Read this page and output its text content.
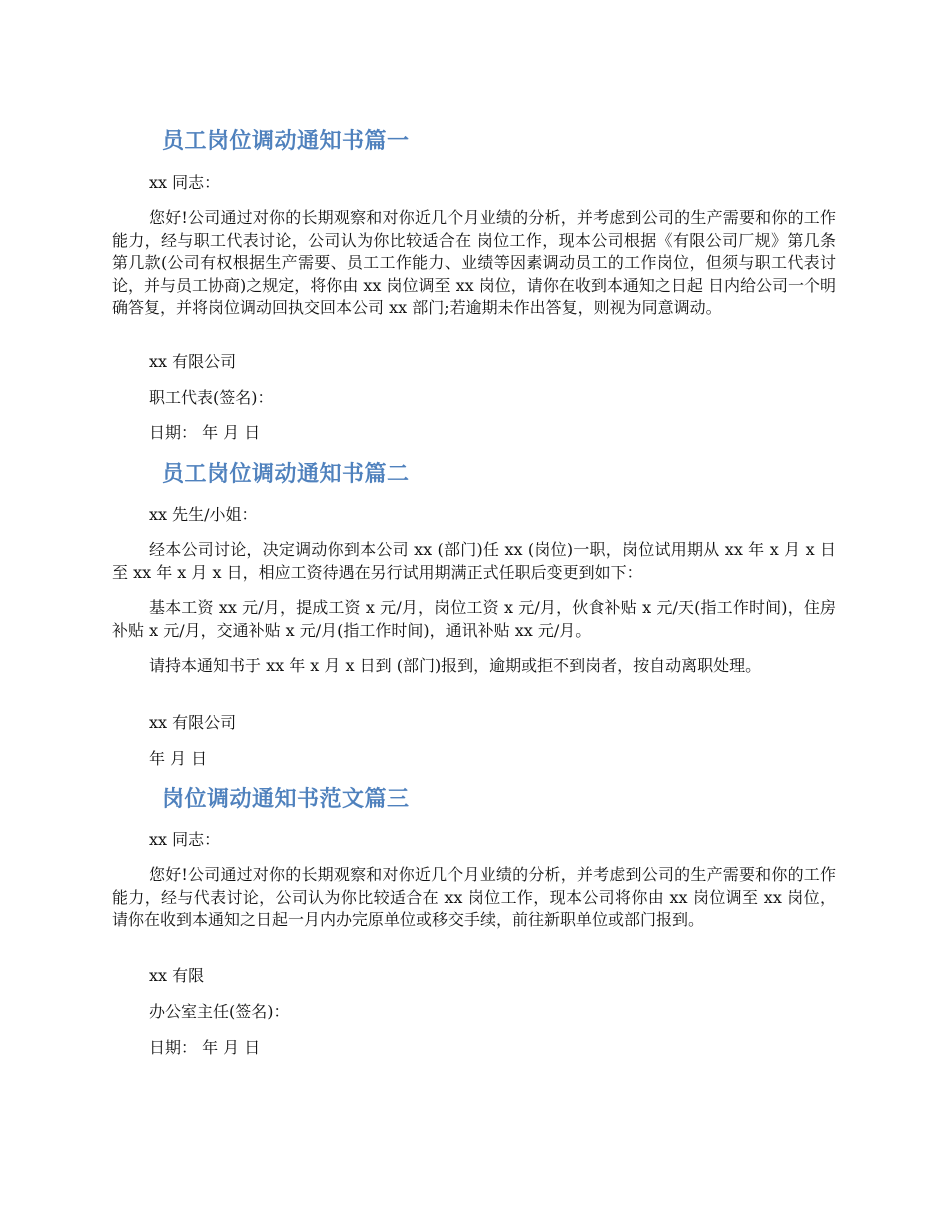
员工岗位调动通知书篇一
xx 同志：
您好!公司通过对你的长期观察和对你近几个月业绩的分析，并考虑到公司的生产需要和你的工作能力，经与职工代表讨论，公司认为你比较适合在 岗位工作，现本公司根据《有限公司厂规》第几条第几款(公司有权根据生产需要、员工工作能力、业绩等因素调动员工的工作岗位，但须与职工代表讨论，并与员工协商)之规定，将你由 xx 岗位调至 xx 岗位，请你在收到本通知之日起 日内给公司一个明确答复，并将岗位调动回执交回本公司 xx 部门;若逾期未作出答复，则视为同意调动。
xx 有限公司
职工代表(签名)：
日期： 年 月 日
员工岗位调动通知书篇二
xx 先生/小姐：
经本公司讨论，决定调动你到本公司 xx (部门)任 xx (岗位)一职，岗位试用期从 xx 年 x 月 x 日至 xx 年 x 月 x 日，相应工资待遇在另行试用期满正式任职后变更到如下：
基本工资 xx 元/月，提成工资 x 元/月，岗位工资 x 元/月，伙食补贴 x 元/天(指工作时间)，住房补贴 x 元/月，交通补贴 x 元/月(指工作时间)，通讯补贴 xx 元/月。
请持本通知书于 xx 年 x 月 x 日到 (部门)报到，逾期或拒不到岗者，按自动离职处理。
xx 有限公司
年 月 日
岗位调动通知书范文篇三
xx 同志：
您好!公司通过对你的长期观察和对你近几个月业绩的分析，并考虑到公司的生产需要和你的工作能力，经与代表讨论，公司认为你比较适合在 xx 岗位工作，现本公司将你由 xx 岗位调至 xx 岗位，请你在收到本通知之日起一月内办完原单位或移交手续，前往新职单位或部门报到。
xx 有限
办公室主任(签名)：
日期： 年 月 日
